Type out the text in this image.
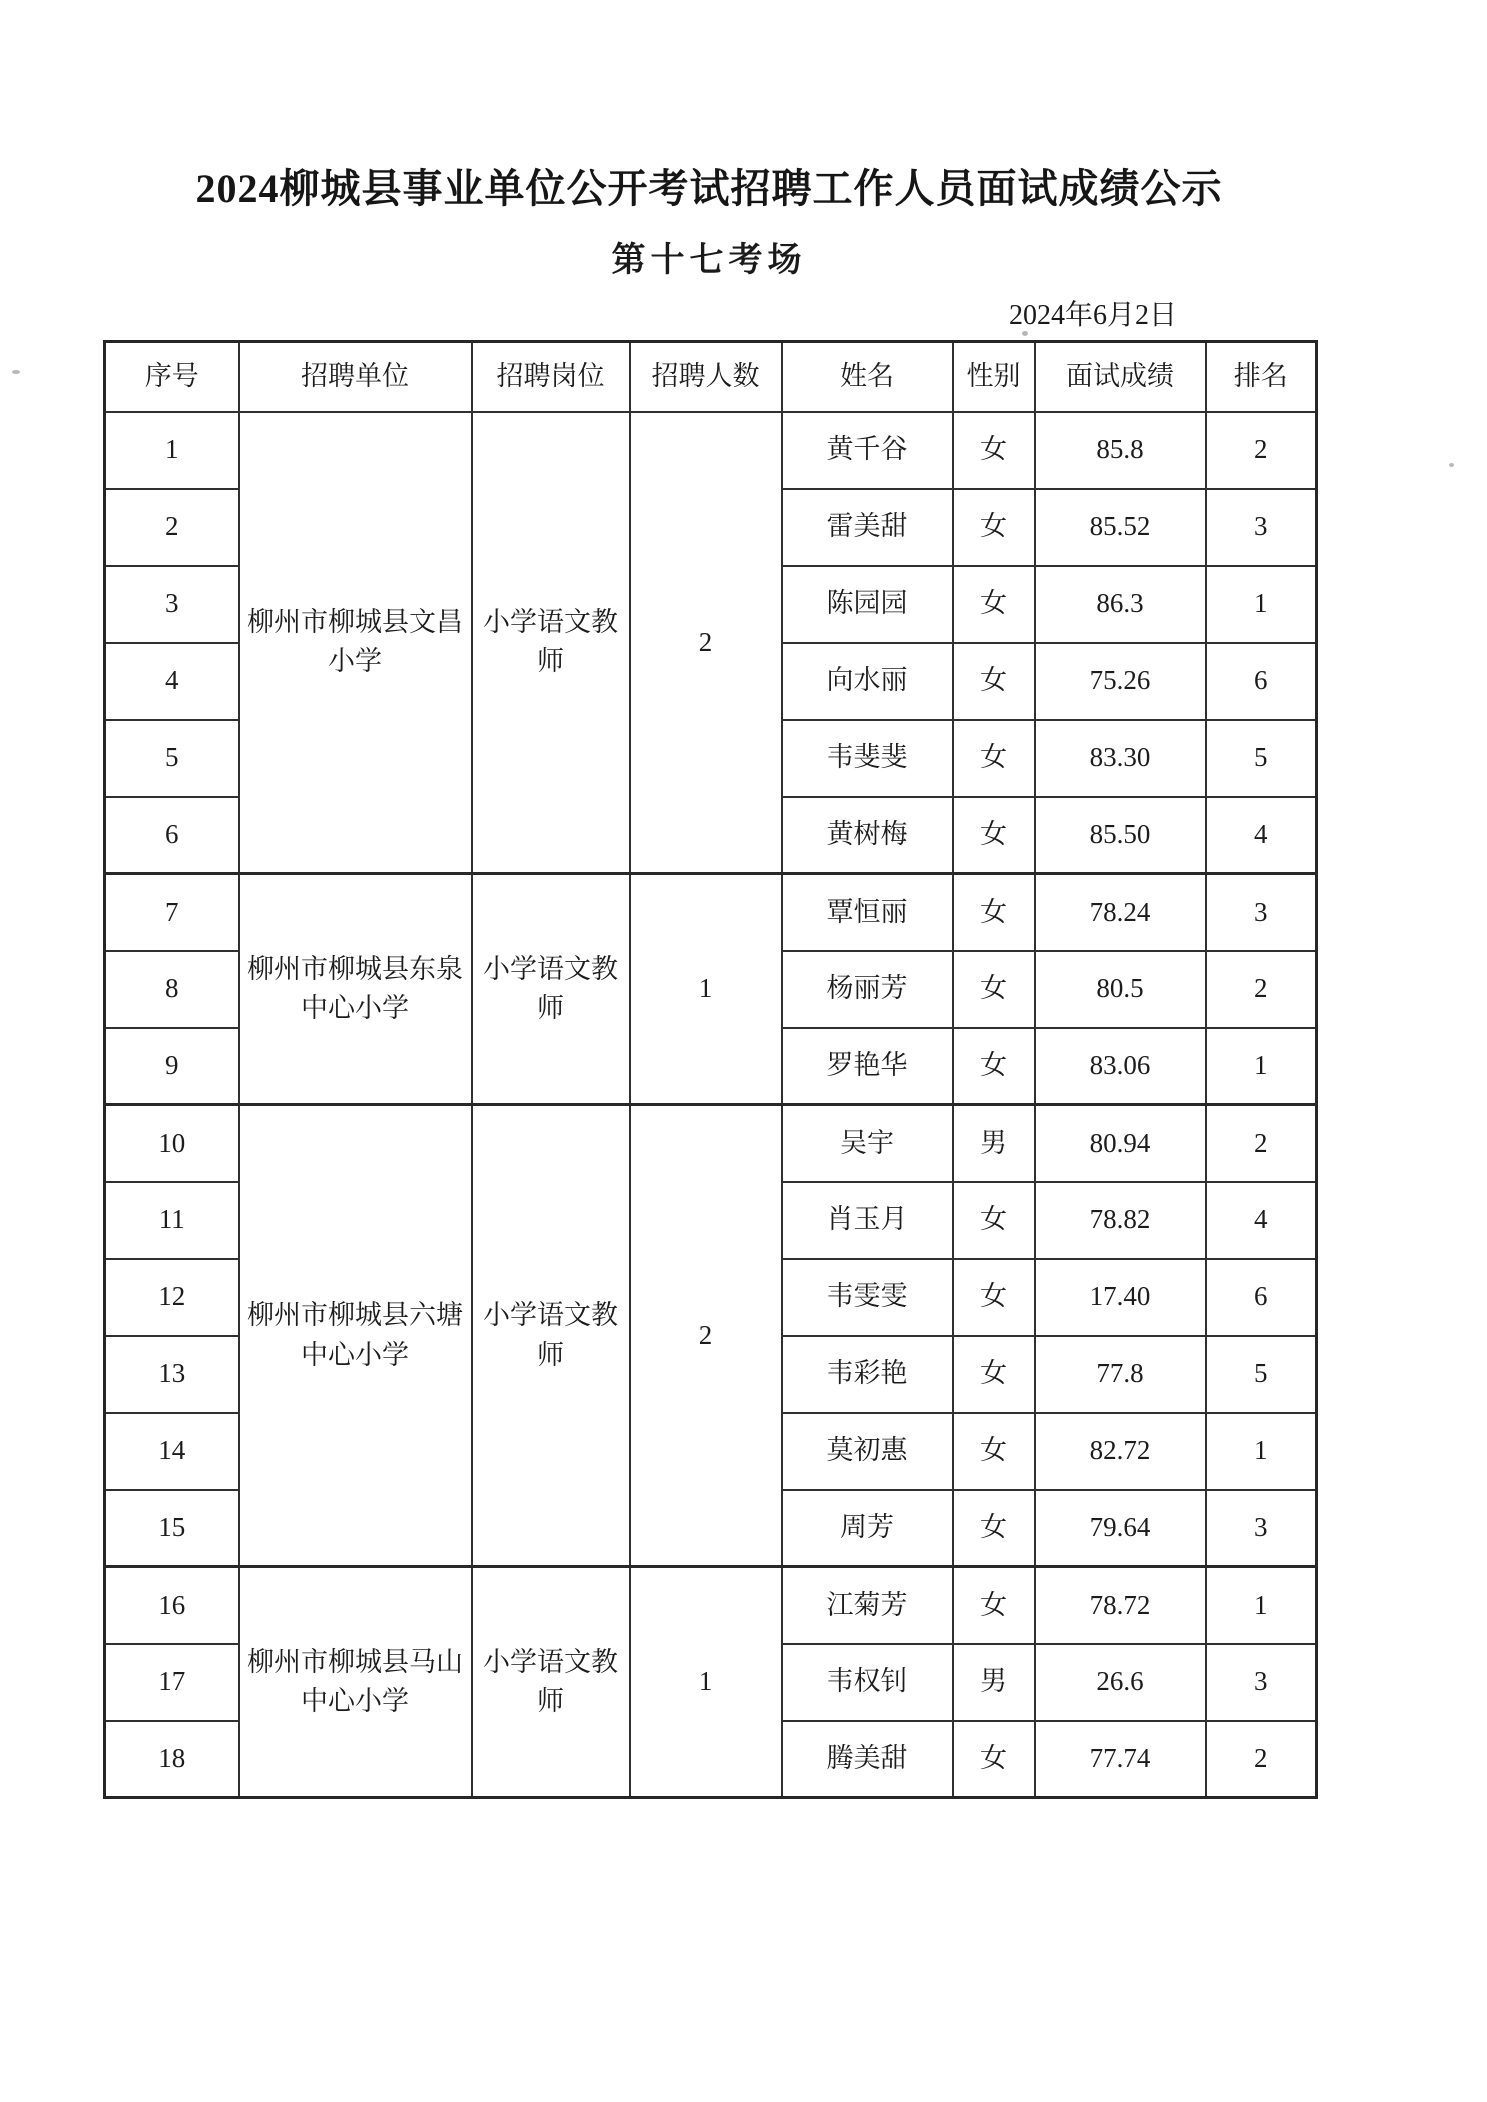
2024柳城县事业单位公开考试招聘工作人员面试成绩公示
第十七考场
2024年6月2日
序号	招聘单位	招聘岗位	招聘人数	姓名	性别	面试成绩	排名
1	柳州市柳城县文昌小学	小学语文教师	2	黄千谷	女	85.8	2
2				雷美甜	女	85.52	3
3				陈园园	女	86.3	1
4				向水丽	女	75.26	6
5				韦斐斐	女	83.30	5
6				黄树梅	女	85.50	4
7	柳州市柳城县东泉中心小学	小学语文教师	1	覃恒丽	女	78.24	3
8				杨丽芳	女	80.5	2
9				罗艳华	女	83.06	1
10	柳州市柳城县六塘中心小学	小学语文教师	2	吴宇	男	80.94	2
11				肖玉月	女	78.82	4
12				韦雯雯	女	17.40	6
13				韦彩艳	女	77.8	5
14				莫初惠	女	82.72	1
15				周芳	女	79.64	3
16	柳州市柳城县马山中心小学	小学语文教师	1	江菊芳	女	78.72	1
17				韦权钊	男	26.6	3
18				腾美甜	女	77.74	2
